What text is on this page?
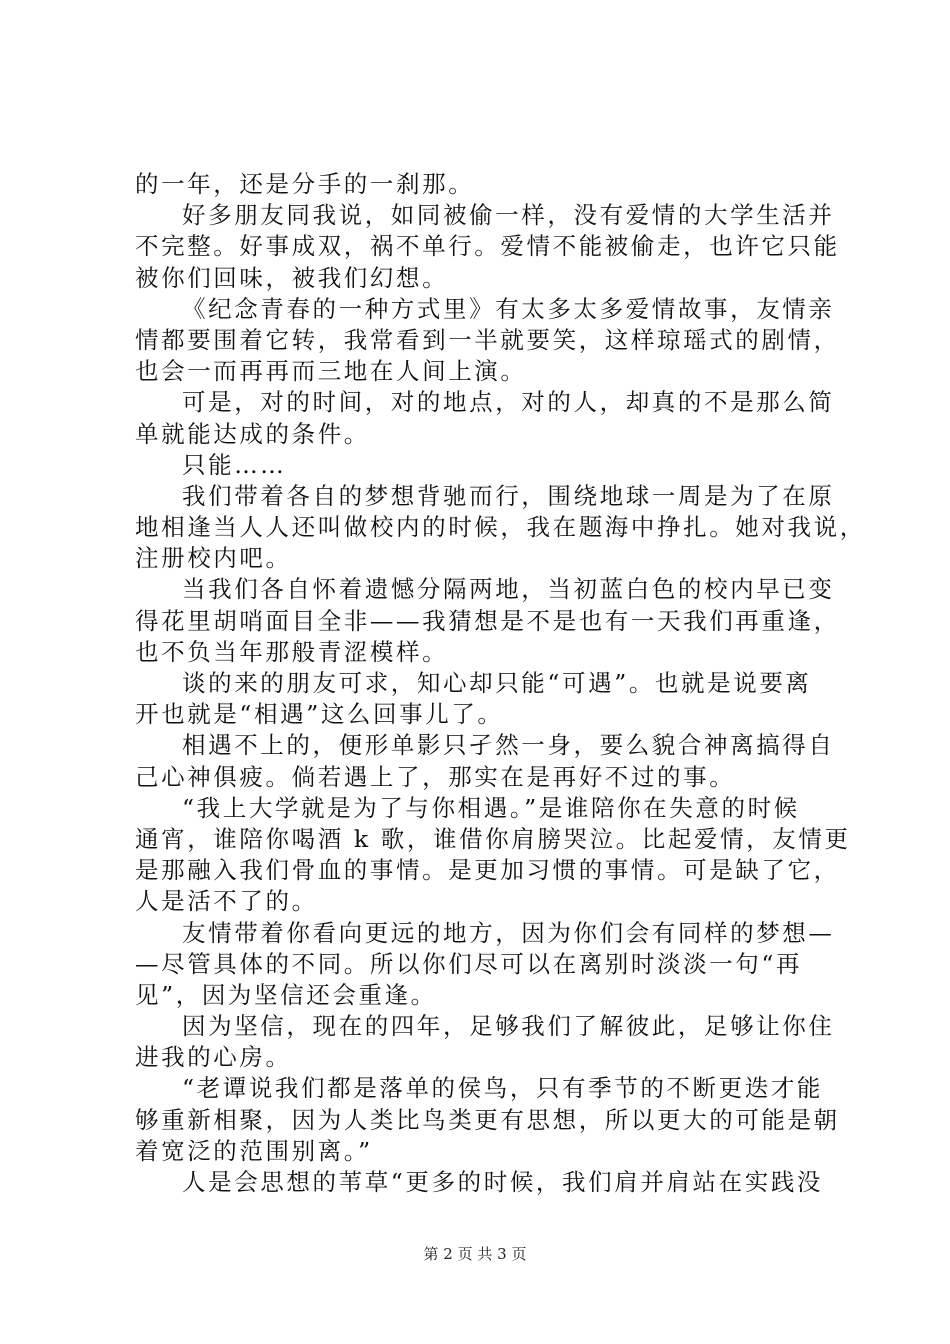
的一年，还是分手的一刹那。
好多朋友同我说，如同被偷一样，没有爱情的大学生活并
不完整。好事成双，祸不单行。爱情不能被偷走，也许它只能
被你们回味，被我们幻想。
《纪念青春的一种方式里》有太多太多爱情故事，友情亲
情都要围着它转，我常看到一半就要笑，这样琼瑶式的剧情，
也会一而再再而三地在人间上演。
可是，对的时间，对的地点，对的人，却真的不是那么简
单就能达成的条件。
只能……
我们带着各自的梦想背驰而行，围绕地球一周是为了在原
地相逢当人人还叫做校内的时候，我在题海中挣扎。她对我说，
注册校内吧。
当我们各自怀着遗憾分隔两地，当初蓝白色的校内早已变
得花里胡哨面目全非——我猜想是不是也有一天我们再重逢，
也不负当年那般青涩模样。
谈的来的朋友可求，知心却只能“可遇”。也就是说要离
开也就是“相遇”这么回事儿了。
相遇不上的，便形单影只孑然一身，要么貌合神离搞得自
己心神俱疲。倘若遇上了，那实在是再好不过的事。
“我上大学就是为了与你相遇。”是谁陪你在失意的时候
通宵，谁陪你喝酒 k 歌，谁借你肩膀哭泣。比起爱情，友情更
是那融入我们骨血的事情。是更加习惯的事情。可是缺了它，
人是活不了的。
友情带着你看向更远的地方，因为你们会有同样的梦想—
—尽管具体的不同。所以你们尽可以在离别时淡淡一句“再
见”，因为坚信还会重逢。
因为坚信，现在的四年，足够我们了解彼此，足够让你住
进我的心房。
“老谭说我们都是落单的侯鸟，只有季节的不断更迭才能
够重新相聚，因为人类比鸟类更有思想，所以更大的可能是朝
着宽泛的范围别离。”
人是会思想的苇草“更多的时候，我们肩并肩站在实践没
第 2 页 共 3 页
